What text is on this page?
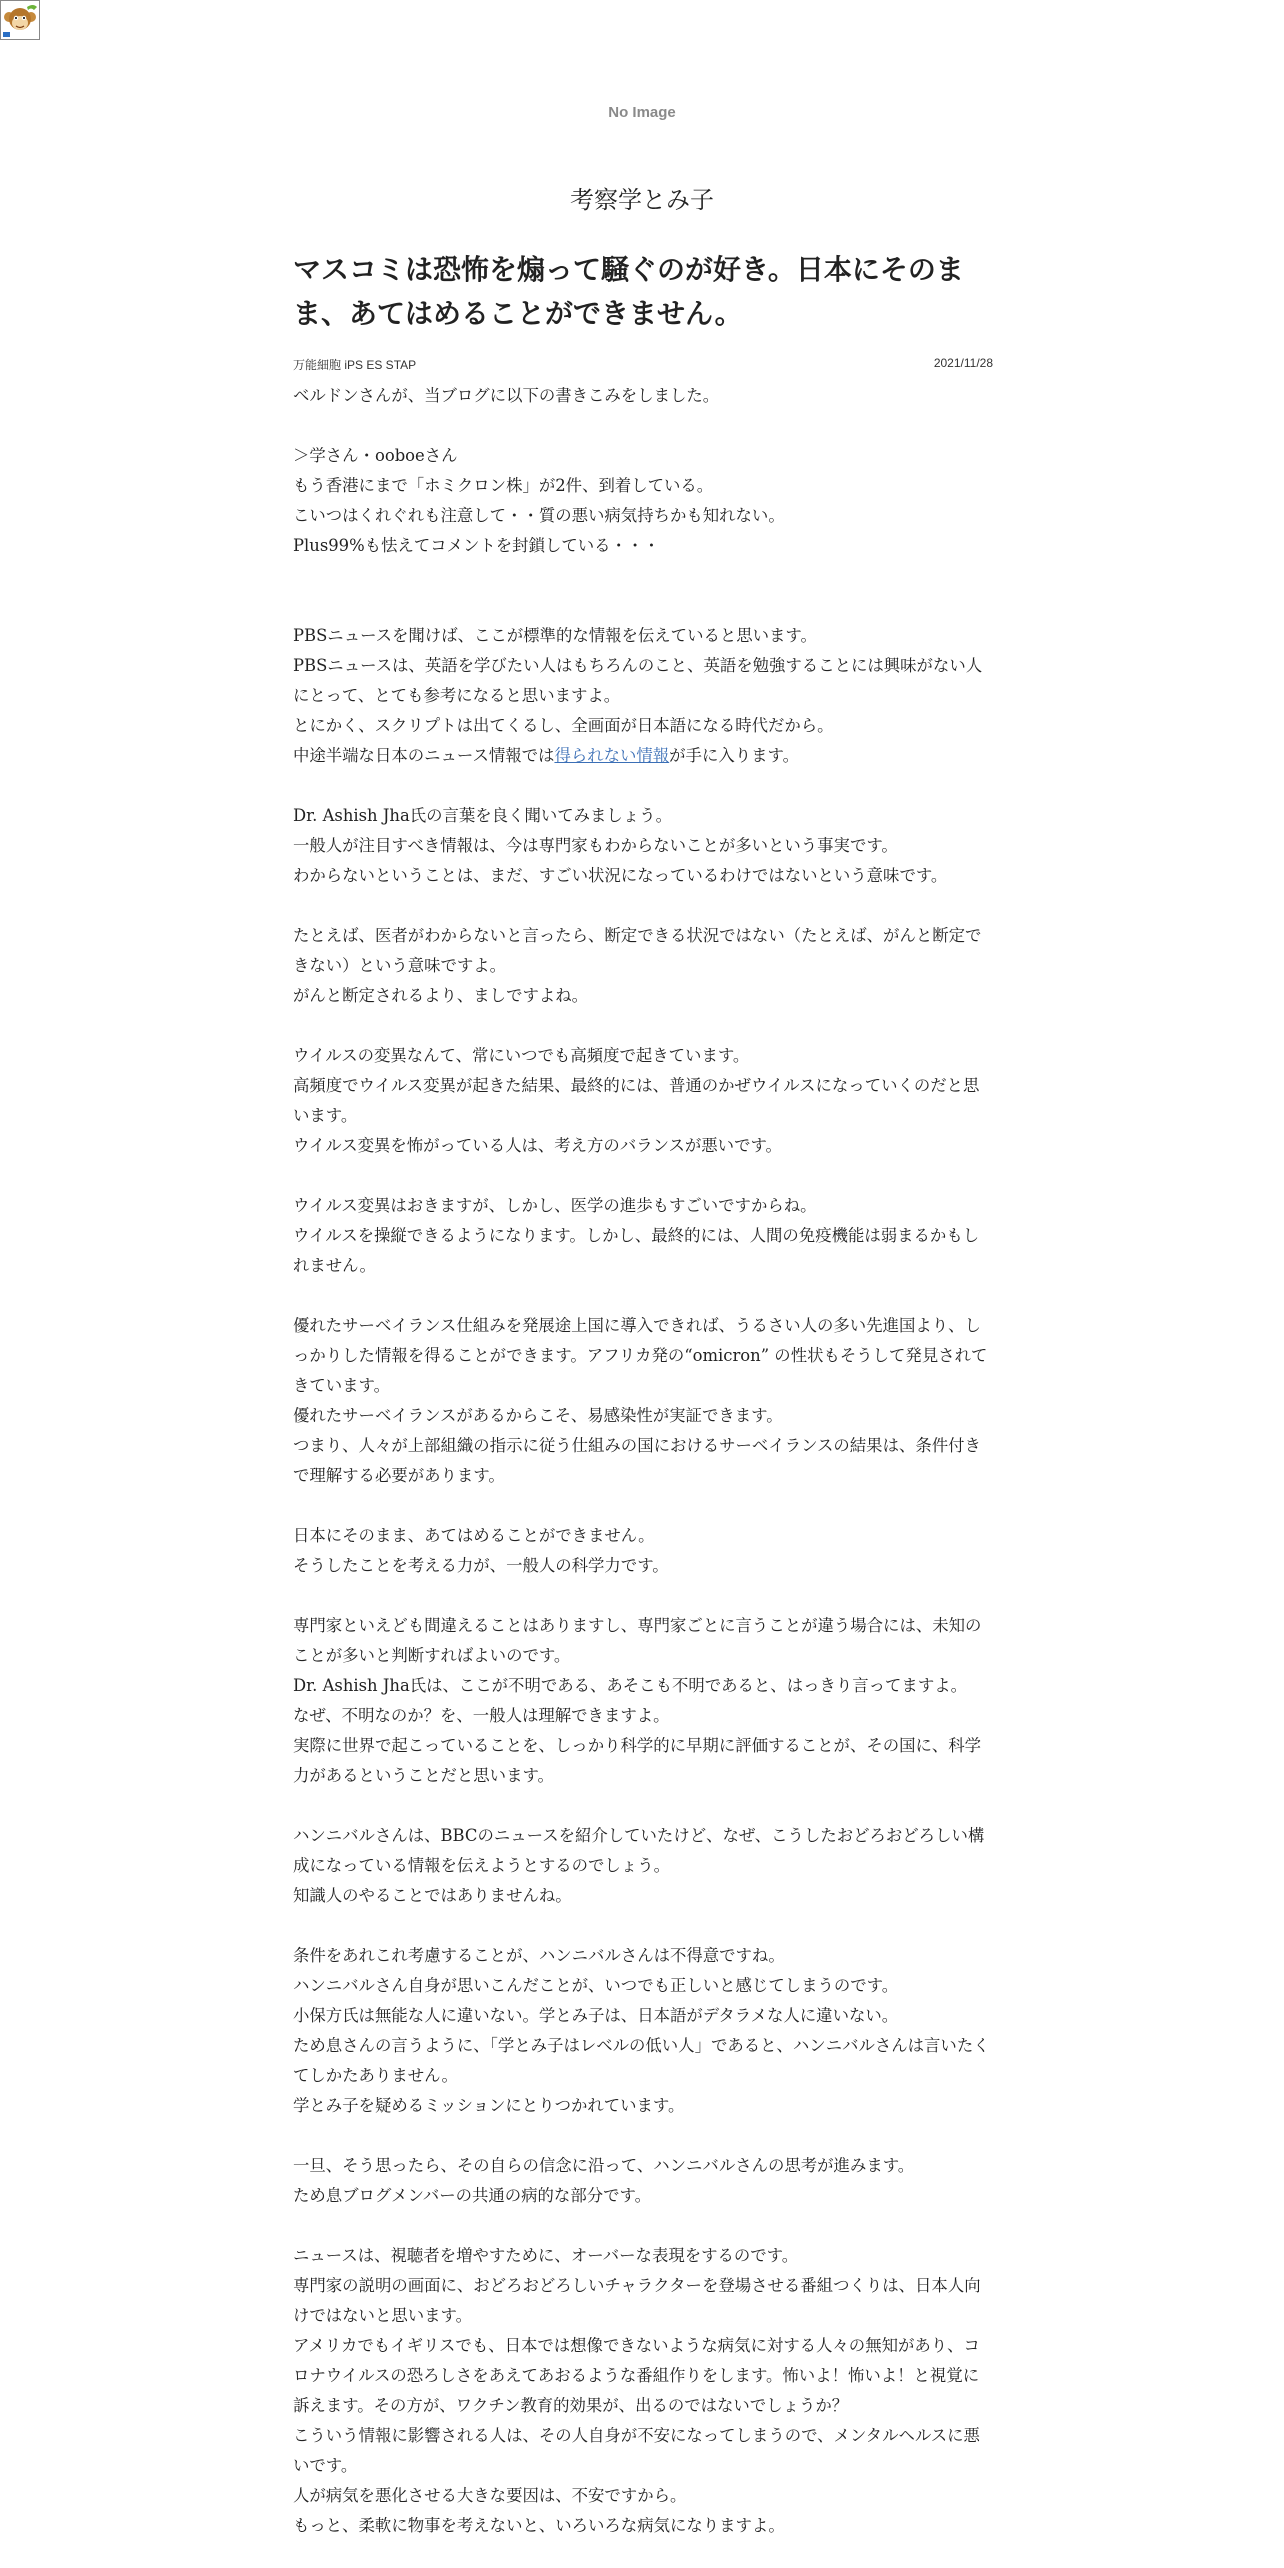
No Image
考察学とみ子
マスコミは恐怖を煽って騒ぐのが好き。日本にそのまま、あてはめることができません。
万能細胞 iPS ES STAP	2021/11/28

ベルドンさんが、当ブログに以下の書きこみをしました。

＞学さん・ooboeさん

もう香港にまで「ホミクロン株」が2件、到着している。

こいつはくれぐれも注意して・・質の悪い病気持ちかも知れない。

Plus99%も怯えてコメントを封鎖している・・・

PBSニュースを聞けば、ここが標準的な情報を伝えていると思います。

PBSニュースは、英語を学びたい人はもちろんのこと、英語を勉強することには興味がない人にとって、とても参考になると思いますよ。

とにかく、スクリプトは出てくるし、全画面が日本語になる時代だから。

中途半端な日本のニュース情報では得られない情報が手に入ります。

Dr. Ashish Jha氏の言葉を良く聞いてみましょう。

一般人が注目すべき情報は、今は専門家もわからないことが多いという事実です。

わからないということは、まだ、すごい状況になっているわけではないという意味です。

たとえば、医者がわからないと言ったら、断定できる状況ではない（たとえば、がんと断定できない）という意味ですよ。

がんと断定されるより、ましですよね。

ウイルスの変異なんて、常にいつでも高頻度で起きています。

高頻度でウイルス変異が起きた結果、最終的には、普通のかぜウイルスになっていくのだと思います。

ウイルス変異を怖がっている人は、考え方のバランスが悪いです。

ウイルス変異はおきますが、しかし、医学の進歩もすごいですからね。

ウイルスを操縦できるようになります。しかし、最終的には、人間の免疫機能は弱まるかもしれません。

優れたサーベイランス仕組みを発展途上国に導入できれば、うるさい人の多い先進国より、しっかりした情報を得ることができます。アフリカ発の“omicron” の性状もそうして発見されてきています。

優れたサーベイランスがあるからこそ、易感染性が実証できます。

つまり、人々が上部組織の指示に従う仕組みの国におけるサーベイランスの結果は、条件付きで理解する必要があります。

日本にそのまま、あてはめることができません。

そうしたことを考える力が、一般人の科学力です。

専門家といえども間違えることはありますし、専門家ごとに言うことが違う場合には、未知のことが多いと判断すればよいのです。

Dr. Ashish Jha氏は、ここが不明である、あそこも不明であると、はっきり言ってますよ。

なぜ、不明なのか？を、一般人は理解できますよ。

実際に世界で起こっていることを、しっかり科学的に早期に評価することが、その国に、科学力があるということだと思います。

ハンニバルさんは、BBCのニュースを紹介していたけど、なぜ、こうしたおどろおどろしい構成になっている情報を伝えようとするのでしょう。

知識人のやることではありませんね。

条件をあれこれ考慮することが、ハンニバルさんは不得意ですね。

ハンニバルさん自身が思いこんだことが、いつでも正しいと感じてしまうのです。

小保方氏は無能な人に違いない。学とみ子は、日本語がデタラメな人に違いない。

ため息さんの言うように、「学とみ子はレベルの低い人」であると、ハンニバルさんは言いたくてしかたありません。

学とみ子を疑めるミッションにとりつかれています。

一旦、そう思ったら、その自らの信念に沿って、ハンニバルさんの思考が進みます。

ため息ブログメンバーの共通の病的な部分です。

ニュースは、視聴者を増やすために、オーバーな表現をするのです。

専門家の説明の画面に、おどろおどろしいチャラクターを登場させる番組つくりは、日本人向けではないと思います。

アメリカでもイギリスでも、日本では想像できないような病気に対する人々の無知があり、コロナウイルスの恐ろしさをあえてあおるような番組作りをします。怖いよ！怖いよ！と視覚に訴えます。その方が、ワクチン教育的効果が、出るのではないでしょうか？

こういう情報に影響される人は、その人自身が不安になってしまうので、メンタルヘルスに悪いです。

人が病気を悪化させる大きな要因は、不安ですから。

もっと、柔軟に物事を考えないと、いろいろな病気になりますよ。
